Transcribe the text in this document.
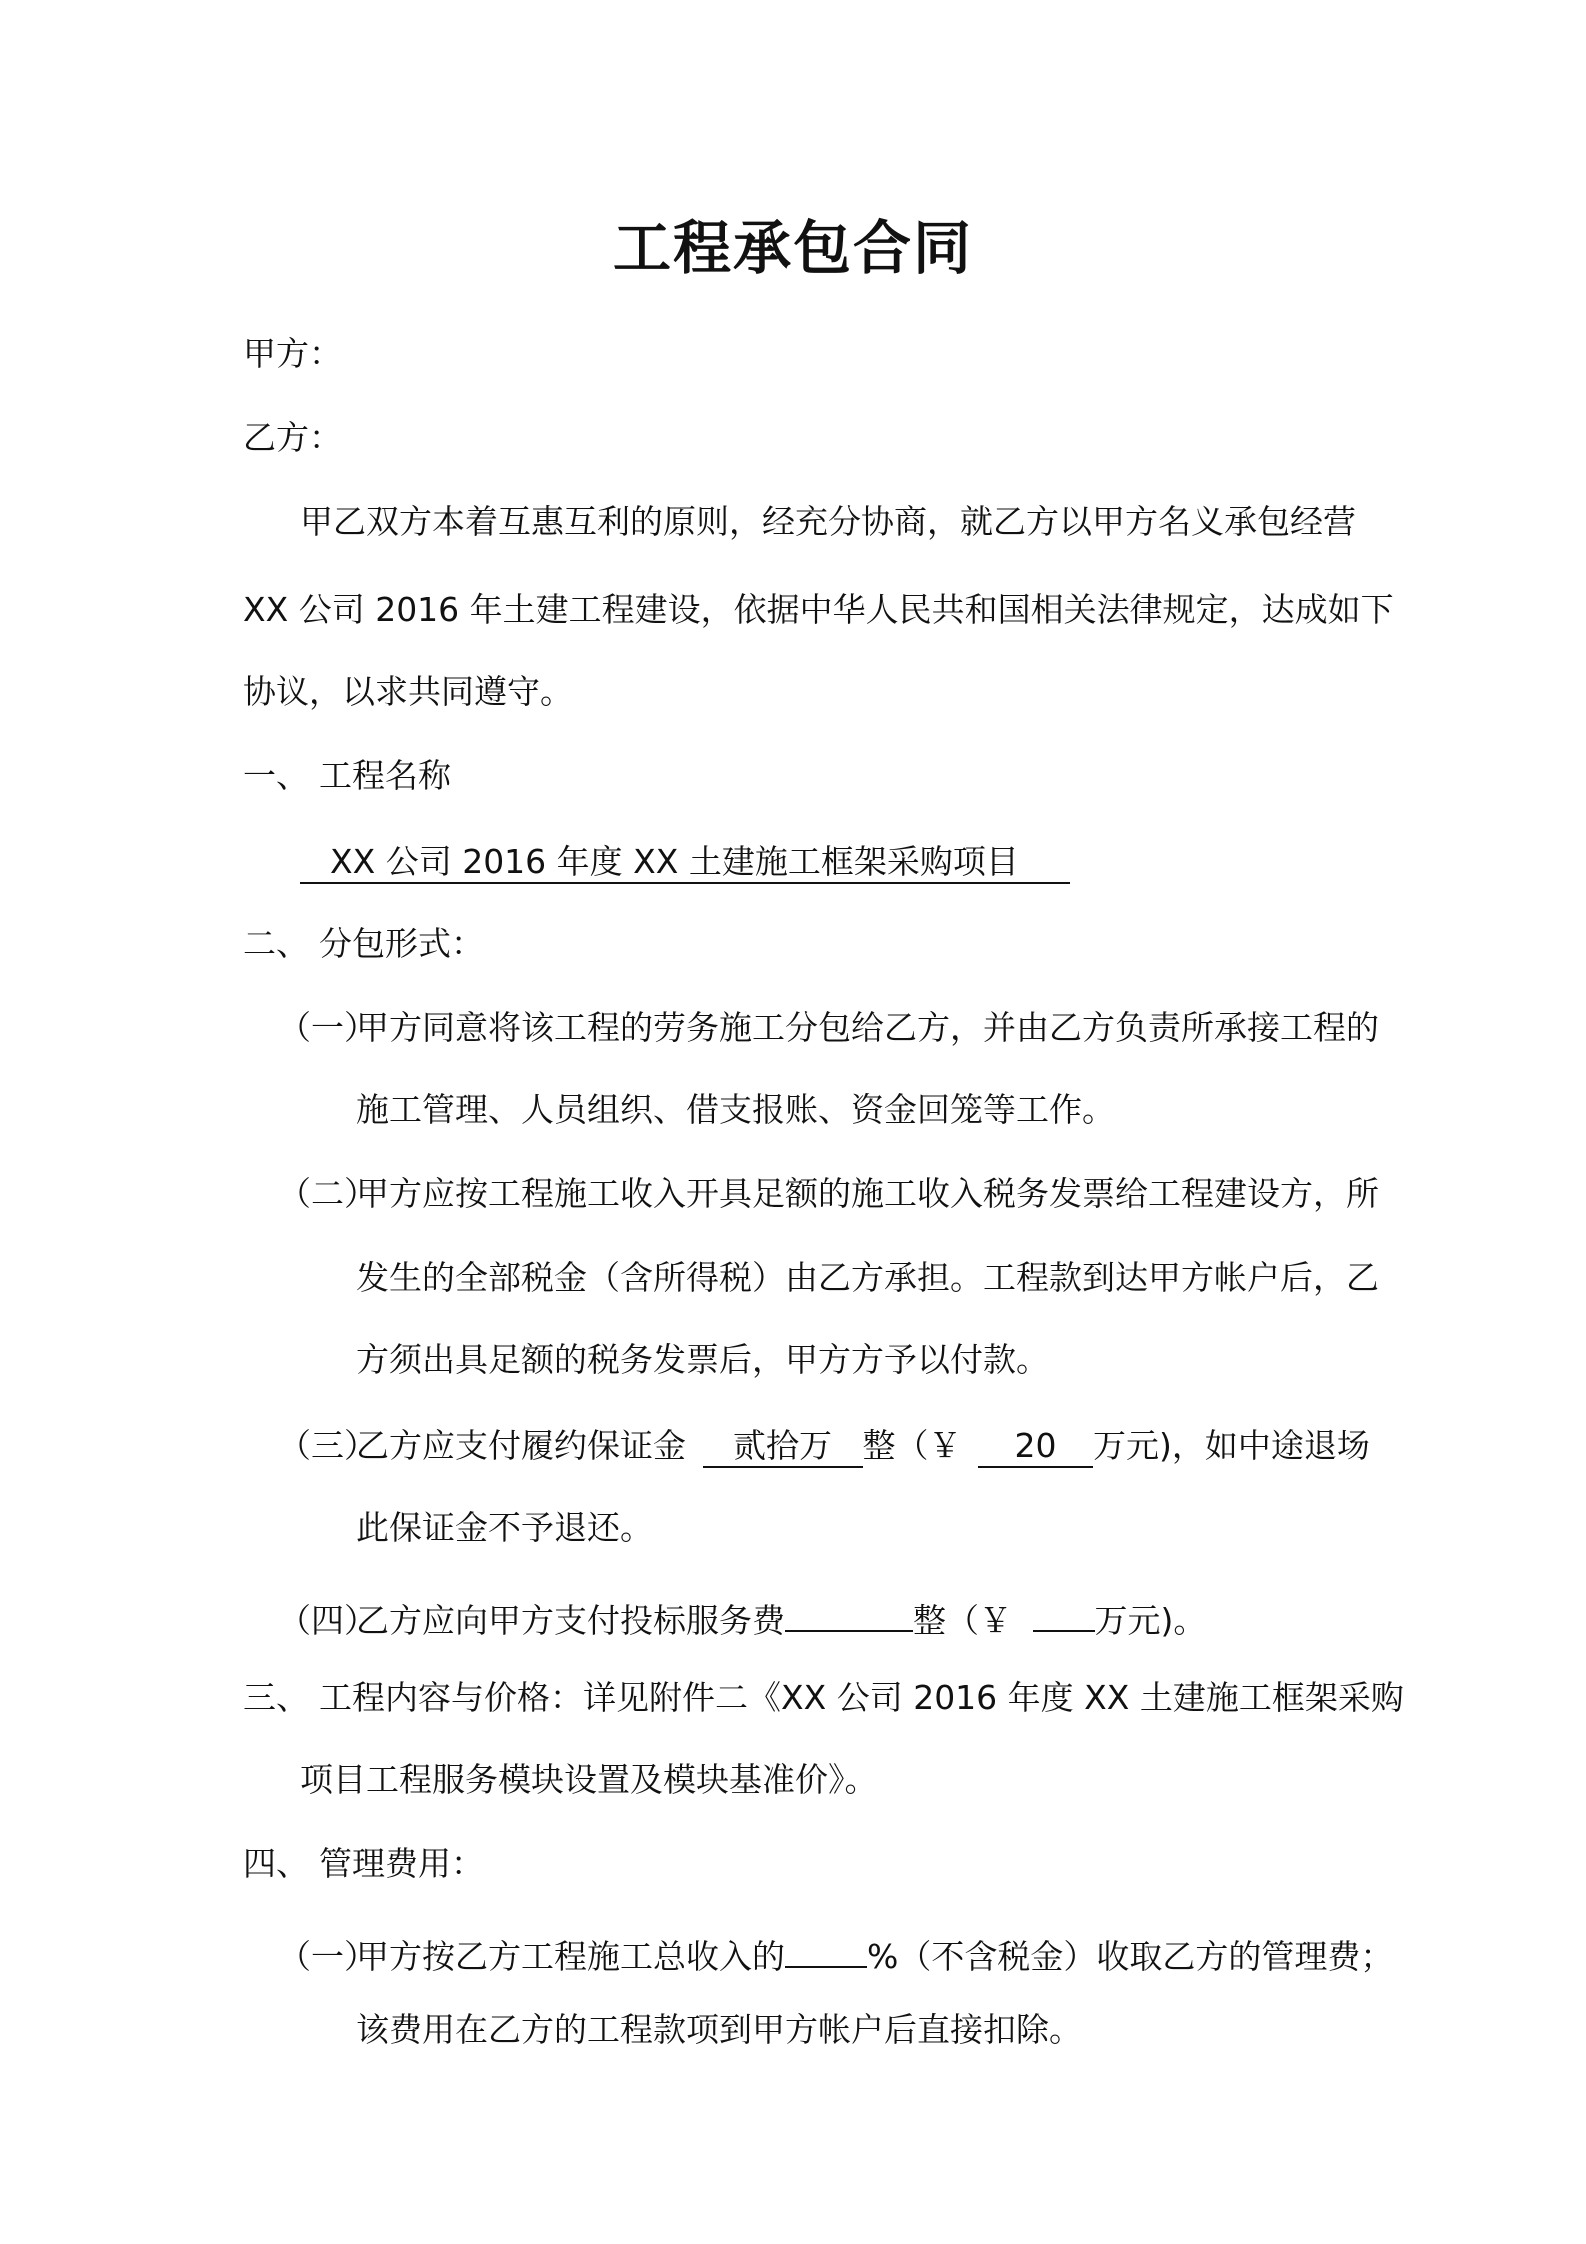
工程承包合同
甲方：
乙方：
甲乙双方本着互惠互利的原则，经充分协商，就乙方以甲方名义承包经营
XX 公司 2016 年土建工程建设，依据中华人民共和国相关法律规定，达成如下
协议，以求共同遵守。
一、 工程名称
XX 公司 2016 年度 XX 土建施工框架采购项目
二、 分包形式：
（一）甲方同意将该工程的劳务施工分包给乙方，并由乙方负责所承接工程的
施工管理、人员组织、借支报账、资金回笼等工作。
（二）甲方应按工程施工收入开具足额的施工收入税务发票给工程建设方，所
发生的全部税金（含所得税）由乙方承担。工程款到达甲方帐户后，乙
方须出具足额的税务发票后，甲方方予以付款。
（三）乙方应支付履约保证金 贰拾万 整（￥ 20 万元)，如中途退场
此保证金不予退还。
（四）乙方应向甲方支付投标服务费	整（￥	万元)。
三、 工程内容与价格：详见附件二《XX 公司 2016 年度 XX 土建施工框架采购
项目工程服务模块设置及模块基准价》。
四、 管理费用：
（一）甲方按乙方工程施工总收入的 %（不含税金）收取乙方的管理费；
该费用在乙方的工程款项到甲方帐户后直接扣除。
